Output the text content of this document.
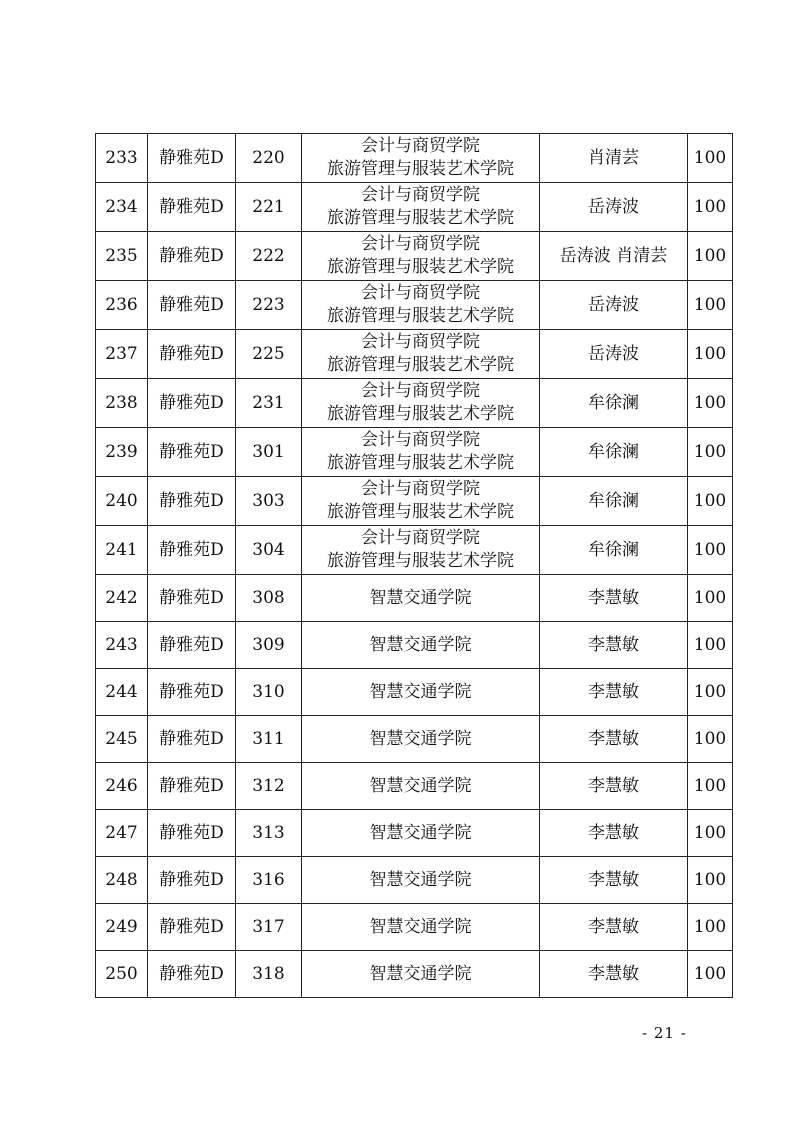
233	静雅苑D	220	会计与商贸学院
旅游管理与服装艺术学院	肖清芸	100
234	静雅苑D	221	会计与商贸学院
旅游管理与服装艺术学院	岳涛波	100
235	静雅苑D	222	会计与商贸学院
旅游管理与服装艺术学院	岳涛波 肖清芸	100
236	静雅苑D	223	会计与商贸学院
旅游管理与服装艺术学院	岳涛波	100
237	静雅苑D	225	会计与商贸学院
旅游管理与服装艺术学院	岳涛波	100
238	静雅苑D	231	会计与商贸学院
旅游管理与服装艺术学院	牟徐澜	100
239	静雅苑D	301	会计与商贸学院
旅游管理与服装艺术学院	牟徐澜	100
240	静雅苑D	303	会计与商贸学院
旅游管理与服装艺术学院	牟徐澜	100
241	静雅苑D	304	会计与商贸学院
旅游管理与服装艺术学院	牟徐澜	100
242	静雅苑D	308	智慧交通学院	李慧敏	100
243	静雅苑D	309	智慧交通学院	李慧敏	100
244	静雅苑D	310	智慧交通学院	李慧敏	100
245	静雅苑D	311	智慧交通学院	李慧敏	100
246	静雅苑D	312	智慧交通学院	李慧敏	100
247	静雅苑D	313	智慧交通学院	李慧敏	100
248	静雅苑D	316	智慧交通学院	李慧敏	100
249	静雅苑D	317	智慧交通学院	李慧敏	100
250	静雅苑D	318	智慧交通学院	李慧敏	100
- 21 -
